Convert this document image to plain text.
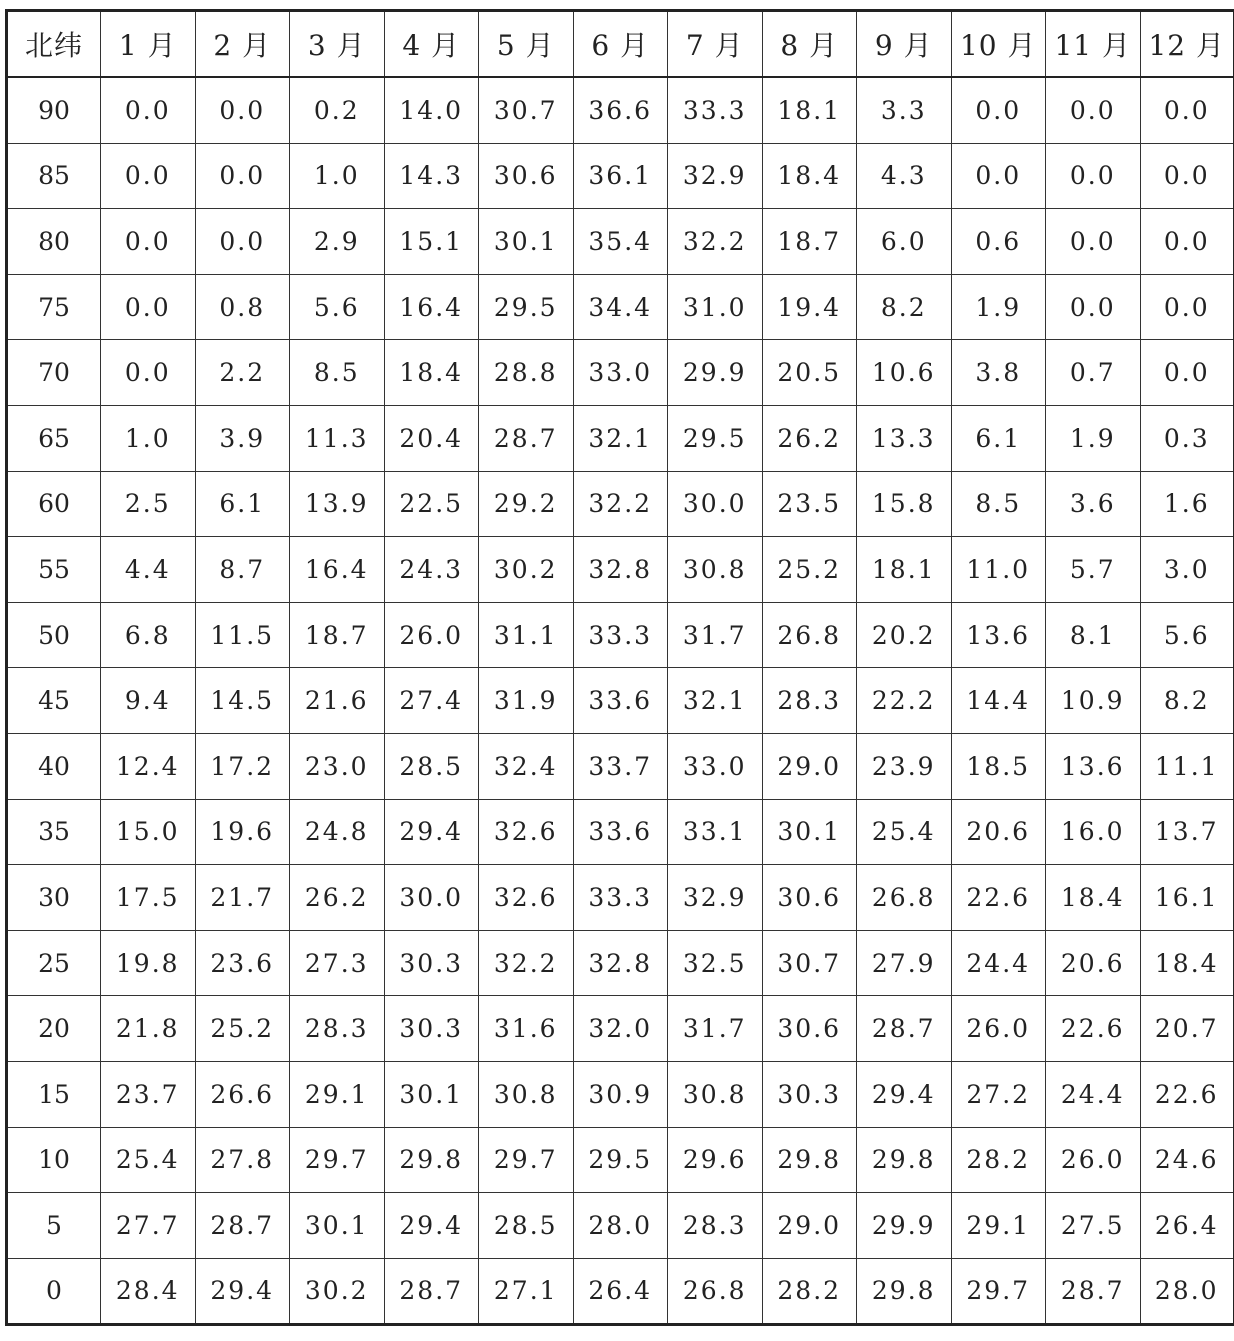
北纬	1 月	2 月	3 月	4 月	5 月	6 月	7 月	8 月	9 月	10 月	11 月	12 月
90	0.0	0.0	0.2	14.0	30.7	36.6	33.3	18.1	3.3	0.0	0.0	0.0
85	0.0	0.0	1.0	14.3	30.6	36.1	32.9	18.4	4.3	0.0	0.0	0.0
80	0.0	0.0	2.9	15.1	30.1	35.4	32.2	18.7	6.0	0.6	0.0	0.0
75	0.0	0.8	5.6	16.4	29.5	34.4	31.0	19.4	8.2	1.9	0.0	0.0
70	0.0	2.2	8.5	18.4	28.8	33.0	29.9	20.5	10.6	3.8	0.7	0.0
65	1.0	3.9	11.3	20.4	28.7	32.1	29.5	26.2	13.3	6.1	1.9	0.3
60	2.5	6.1	13.9	22.5	29.2	32.2	30.0	23.5	15.8	8.5	3.6	1.6
55	4.4	8.7	16.4	24.3	30.2	32.8	30.8	25.2	18.1	11.0	5.7	3.0
50	6.8	11.5	18.7	26.0	31.1	33.3	31.7	26.8	20.2	13.6	8.1	5.6
45	9.4	14.5	21.6	27.4	31.9	33.6	32.1	28.3	22.2	14.4	10.9	8.2
40	12.4	17.2	23.0	28.5	32.4	33.7	33.0	29.0	23.9	18.5	13.6	11.1
35	15.0	19.6	24.8	29.4	32.6	33.6	33.1	30.1	25.4	20.6	16.0	13.7
30	17.5	21.7	26.2	30.0	32.6	33.3	32.9	30.6	26.8	22.6	18.4	16.1
25	19.8	23.6	27.3	30.3	32.2	32.8	32.5	30.7	27.9	24.4	20.6	18.4
20	21.8	25.2	28.3	30.3	31.6	32.0	31.7	30.6	28.7	26.0	22.6	20.7
15	23.7	26.6	29.1	30.1	30.8	30.9	30.8	30.3	29.4	27.2	24.4	22.6
10	25.4	27.8	29.7	29.8	29.7	29.5	29.6	29.8	29.8	28.2	26.0	24.6
5	27.7	28.7	30.1	29.4	28.5	28.0	28.3	29.0	29.9	29.1	27.5	26.4
0	28.4	29.4	30.2	28.7	27.1	26.4	26.8	28.2	29.8	29.7	28.7	28.0
